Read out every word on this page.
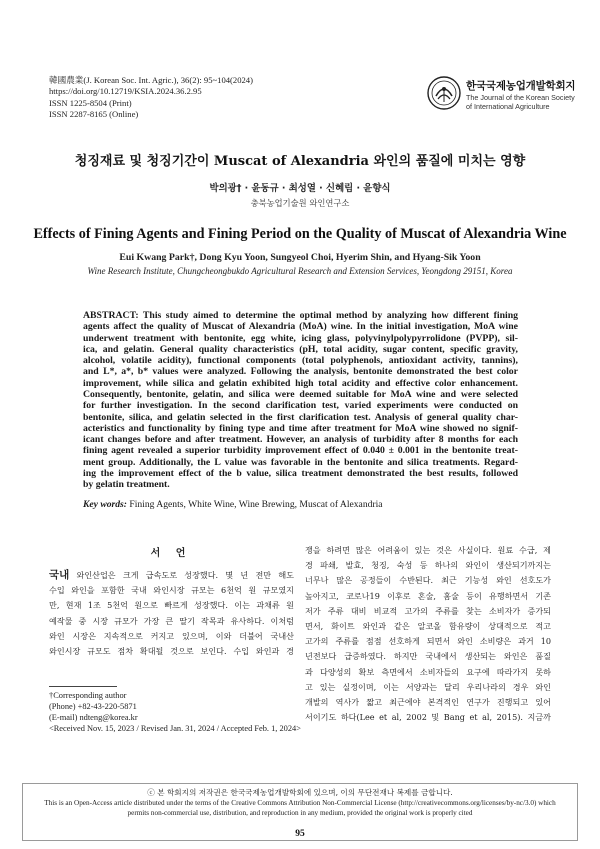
韓國農業(J. Korean Soc. Int. Agric.), 36(2): 95~104(2024)
https://doi.org/10.12719/KSIA.2024.36.2.95
ISSN 1225-8504 (Print)
ISSN 2287-8165 (Online)
한국국제농업개발학회지
The Journal of the Korean Society
of International Agriculture
청징재료 및 청징기간이 Muscat of Alexandria 와인의 품질에 미치는 영향
박의광† · 윤동규 · 최성열 · 신혜림 · 윤향식
충북농업기술원 와인연구소
Effects of Fining Agents and Fining Period on the Quality of Muscat of Alexandria Wine
Eui Kwang Park†, Dong Kyu Yoon, Sungyeol Choi, Hyerim Shin, and Hyang-Sik Yoon
Wine Research Institute, Chungcheongbukdo Agricultural Research and Extension Services, Yeongdong 29151, Korea
ABSTRACT: This study aimed to determine the optimal method by analyzing how different fining
agents affect the quality of Muscat of Alexandria (MoA) wine. In the initial investigation, MoA wine
underwent treatment with bentonite, egg white, icing glass, polyvinylpolypyrrolidone (PVPP), sil-
ica, and gelatin. General quality characteristics (pH, total acidity, sugar content, specific gravity,
alcohol, volatile acidity), functional components (total polyphenols, antioxidant activity, tannins),
and L*, a*, b* values were analyzed. Following the analysis, bentonite demonstrated the best color
improvement, while silica and gelatin exhibited high total acidity and effective color enhancement.
Consequently, bentonite, gelatin, and silica were deemed suitable for MoA wine and were selected
for further investigation. In the second clarification test, varied experiments were conducted on
bentonite, silica, and gelatin selected in the first clarification test. Analysis of general quality char-
acteristics and functionality by fining type and time after treatment for MoA wine showed no signif-
icant changes before and after treatment. However, an analysis of turbidity after 8 months for each
fining agent revealed a superior turbidity improvement effect of 0.040 ± 0.001 in the bentonite treat-
ment group. Additionally, the L value was favorable in the bentonite and silica treatments. Regard-
ing the improvement effect of the b value, silica treatment demonstrated the best results, followed
by gelatin treatment.
Key words: Fining Agents, White Wine, Wine Brewing, Muscat of Alexandria
서 언
국내 와인산업은 크게 급속도로 성장했다. 몇 년 전만 해도
수입 와인을 포함한 국내 와인시장 규모는 6천억 원 규모였지
만, 현재 1조 5천억 원으로 빠르게 성장했다. 이는 과채류 원
예작물 중 시장 규모가 가장 큰 딸기 작목과 유사하다. 이처럼
와인 시장은 지속적으로 커지고 있으며, 이와 더불어 국내산
와인시장 규모도 점차 확대될 것으로 보인다. 수입 와인과 경
쟁을 하려면 많은 어려움이 있는 것은 사실이다. 원료 수급, 제
경 파쇄, 발효, 청징, 숙성 등 하나의 와인이 생산되기까지는
너무나 많은 공정들이 수반된다. 최근 기능성 와인 선호도가
높아지고, 코로나19 이후로 혼술, 홈술 등이 유행하면서 기존
저가 주류 대비 비교적 고가의 주류를 찾는 소비자가 증가되
면서, 화이트 와인과 같은 알코올 함유량이 상대적으로 적고
고가의 주류를 점점 선호하게 되면서 와인 소비량은 과거 10
년전보다 급증하였다. 하지만 국내에서 생산되는 와인은 품질
과 다양성의 확보 측면에서 소비자들의 요구에 따라가지 못하
고 있는 실정이며, 이는 서양과는 달리 우리나라의 경우 와인
개발의 역사가 짧고 최근에야 본격적인 연구가 진행되고 있어
서이기도 하다(Lee et al, 2002 및 Bang et al, 2015). 지금까
†Corresponding author
(Phone) +82-43-220-5871
(E-mail) ndteng@korea.kr
<Received Nov. 15, 2023 / Revised Jan. 31, 2024 / Accepted Feb. 1, 2024>
ⓒ 본 학회지의 저작권은 한국국제농업개발학회에 있으며, 이의 무단전재나 복제를 금합니다.
This is an Open-Access article distributed under the terms of the Creative Commons Attribution Non-Commercial License (http://creativecommons.org/licenses/by-nc/3.0) which
permits non-commercial use, distribution, and reproduction in any medium, provided the original work is properly cited
95
